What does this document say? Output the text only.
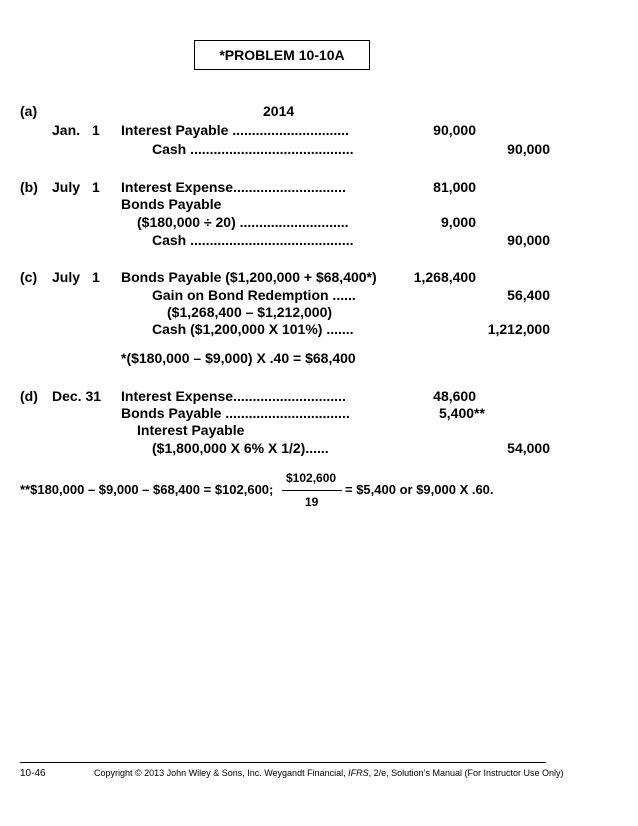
*PROBLEM 10-10A
(a)	2014
Jan. 1 Interest Payable ..............................	90,000
Cash ..........................................	90,000
(b) July 1 Interest Expense.............................	81,000
Bonds Payable
($180,000 ÷ 20) ............................	9,000
Cash ..........................................	90,000
(c) July 1 Bonds Payable ($1,200,000 + $68,400*)	1,268,400
Gain on Bond Redemption ......	56,400
($1,268,400 – $1,212,000)
Cash ($1,200,000 X 101%) .......	1,212,000
*($180,000 – $9,000) X .40 = $68,400
(d) Dec. 31 Interest Expense.............................	48,600
Bonds Payable ................................	5,400**
Interest Payable
($1,800,000 X 6% X 1/2)......	54,000
**$180,000 – $9,000 – $68,400 = $102,600;
$102,600
19
= $5,400 or $9,000 X .60.
10-46	Copyright © 2013 John Wiley & Sons, Inc. Weygandt Financial, IFRS, 2/e, Solution’s Manual (For Instructor Use Only)
